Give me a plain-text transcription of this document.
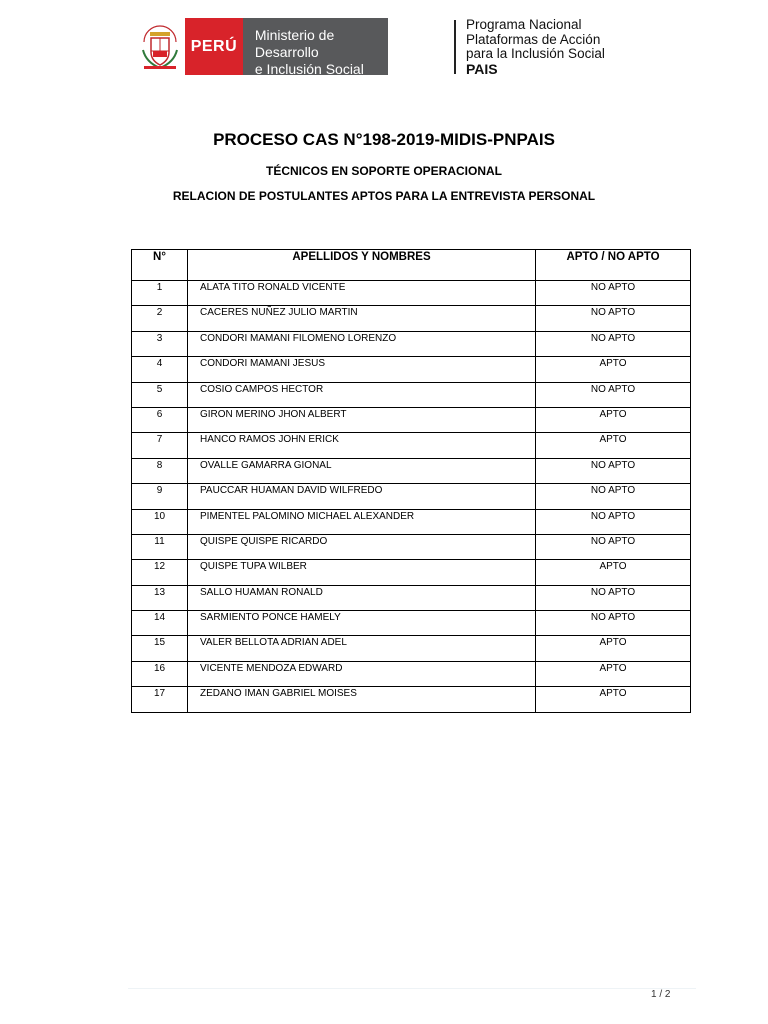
PERÚ
Ministerio de Desarrollo
e Inclusión Social
Programa Nacional
Plataformas de Acción
para la Inclusión Social
PAIS
PROCESO CAS N°198-2019-MIDIS-PNPAIS
TÉCNICOS EN SOPORTE OPERACIONAL
RELACION DE POSTULANTES APTOS PARA LA ENTREVISTA PERSONAL
N°	APELLIDOS Y NOMBRES	APTO / NO APTO
1	ALATA TITO RONALD VICENTE	NO APTO
2	CACERES NUÑEZ JULIO MARTIN	NO APTO
3	CONDORI MAMANI FILOMENO LORENZO	NO APTO
4	CONDORI MAMANI JESUS	APTO
5	COSIO CAMPOS HECTOR	NO APTO
6	GIRON MERINO JHON ALBERT	APTO
7	HANCO RAMOS JOHN ERICK	APTO
8	OVALLE GAMARRA GIONAL	NO APTO
9	PAUCCAR HUAMAN DAVID WILFREDO	NO APTO
10	PIMENTEL PALOMINO MICHAEL ALEXANDER	NO APTO
11	QUISPE QUISPE RICARDO	NO APTO
12	QUISPE TUPA WILBER	APTO
13	SALLO HUAMAN RONALD	NO APTO
14	SARMIENTO PONCE HAMELY	NO APTO
15	VALER BELLOTA ADRIAN ADEL	APTO
16	VICENTE MENDOZA EDWARD	APTO
17	ZEDANO IMAN GABRIEL MOISES	APTO
1 / 2
